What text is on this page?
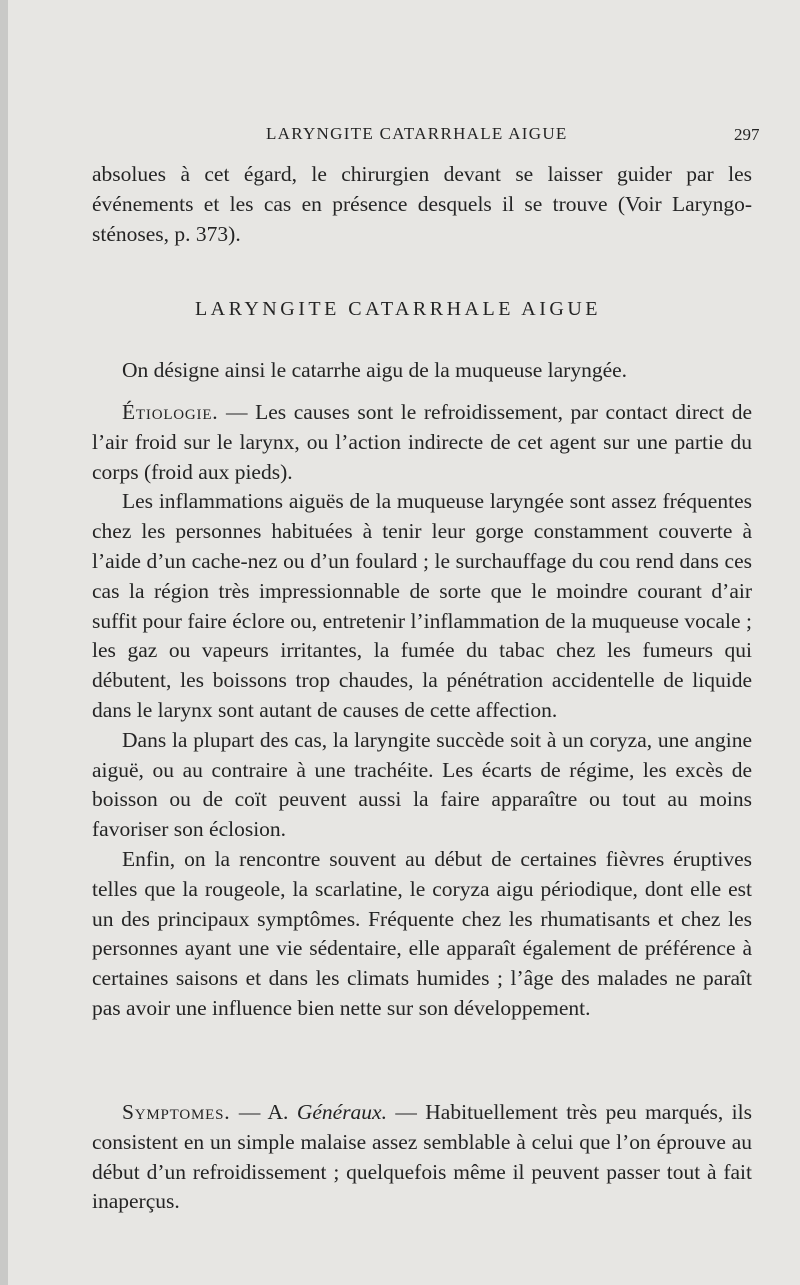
LARYNGITE CATARRHALE AIGUE	297

absolues à cet égard, le chirurgien devant se laisser guider par les événements et les cas en présence desquels il se trouve (Voir Laryngo-sténoses, p. 373).

LARYNGITE CATARRHALE AIGUE

On désigne ainsi le catarrhe aigu de la muqueuse laryngée.

Étiologie. — Les causes sont le refroidissement, par contact direct de l’air froid sur le larynx, ou l’action indirecte de cet agent sur une partie du corps (froid aux pieds).

Les inflammations aiguës de la muqueuse laryngée sont assez fréquentes chez les personnes habituées à tenir leur gorge constamment couverte à l’aide d’un cache-nez ou d’un foulard ; le surchauffage du cou rend dans ces cas la région très impressionnable de sorte que le moindre courant d’air suffit pour faire éclore ou, entretenir l’inflammation de la muqueuse vocale ; les gaz ou vapeurs irritantes, la fumée du tabac chez les fumeurs qui débutent, les boissons trop chaudes, la pénétration accidentelle de liquide dans le larynx sont autant de causes de cette affection.

Dans la plupart des cas, la laryngite succède soit à un coryza, une angine aiguë, ou au contraire à une trachéite. Les écarts de régime, les excès de boisson ou de coït peuvent aussi la faire apparaître ou tout au moins favoriser son éclosion.

Enfin, on la rencontre souvent au début de certaines fièvres éruptives telles que la rougeole, la scarlatine, le coryza aigu périodique, dont elle est un des principaux symptômes. Fréquente chez les rhumatisants et chez les personnes ayant une vie sédentaire, elle apparaît également de préférence à certaines saisons et dans les climats humides ; l’âge des malades ne paraît pas avoir une influence bien nette sur son développement.

Symptomes. — A. Généraux. — Habituellement très peu marqués, ils consistent en un simple malaise assez semblable à celui que l’on éprouve au début d’un refroidissement ; quelquefois même il peuvent passer tout à fait inaperçus.
